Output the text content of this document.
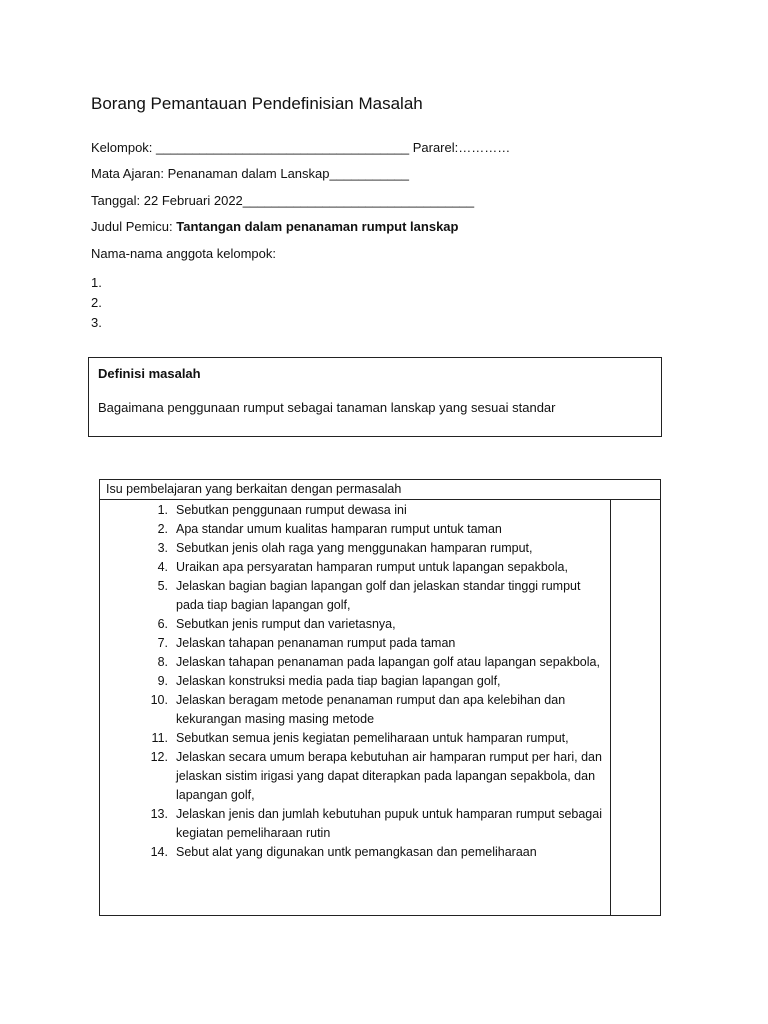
Borang Pemantauan Pendefinisian Masalah
Kelompok: ___________________________________ Pararel:…………
Mata Ajaran: Penanaman dalam Lanskap___________
Tanggal: 22 Februari 2022________________________________
Judul Pemicu: Tantangan dalam penanaman rumput lanskap
Nama-nama anggota kelompok:
1.
2.
3.
Definisi masalah
Bagaimana penggunaan rumput sebagai tanaman lanskap yang sesuai standar
Isu pembelajaran yang berkaitan dengan permasalah
1. Sebutkan penggunaan rumput dewasa ini
2. Apa standar umum kualitas hamparan rumput untuk taman
3. Sebutkan jenis olah raga yang menggunakan hamparan rumput,
4. Uraikan apa persyaratan hamparan rumput untuk lapangan sepakbola,
5. Jelaskan bagian bagian lapangan golf dan jelaskan standar tinggi rumput pada tiap bagian lapangan golf,
6. Sebutkan jenis rumput dan varietasnya,
7. Jelaskan tahapan penanaman rumput pada taman
8. Jelaskan tahapan penanaman pada lapangan golf atau lapangan sepakbola,
9. Jelaskan konstruksi media pada tiap bagian lapangan golf,
10. Jelaskan beragam metode penanaman rumput dan apa kelebihan dan kekurangan masing masing metode
11. Sebutkan semua jenis kegiatan pemeliharaan untuk hamparan rumput,
12. Jelaskan secara umum berapa kebutuhan air hamparan rumput per hari, dan jelaskan sistim irigasi yang dapat diterapkan pada lapangan sepakbola, dan lapangan golf,
13. Jelaskan jenis dan jumlah kebutuhan pupuk untuk hamparan rumput sebagai kegiatan pemeliharaan rutin
14. Sebut alat yang digunakan untk pemangkasan dan pemeliharaan
